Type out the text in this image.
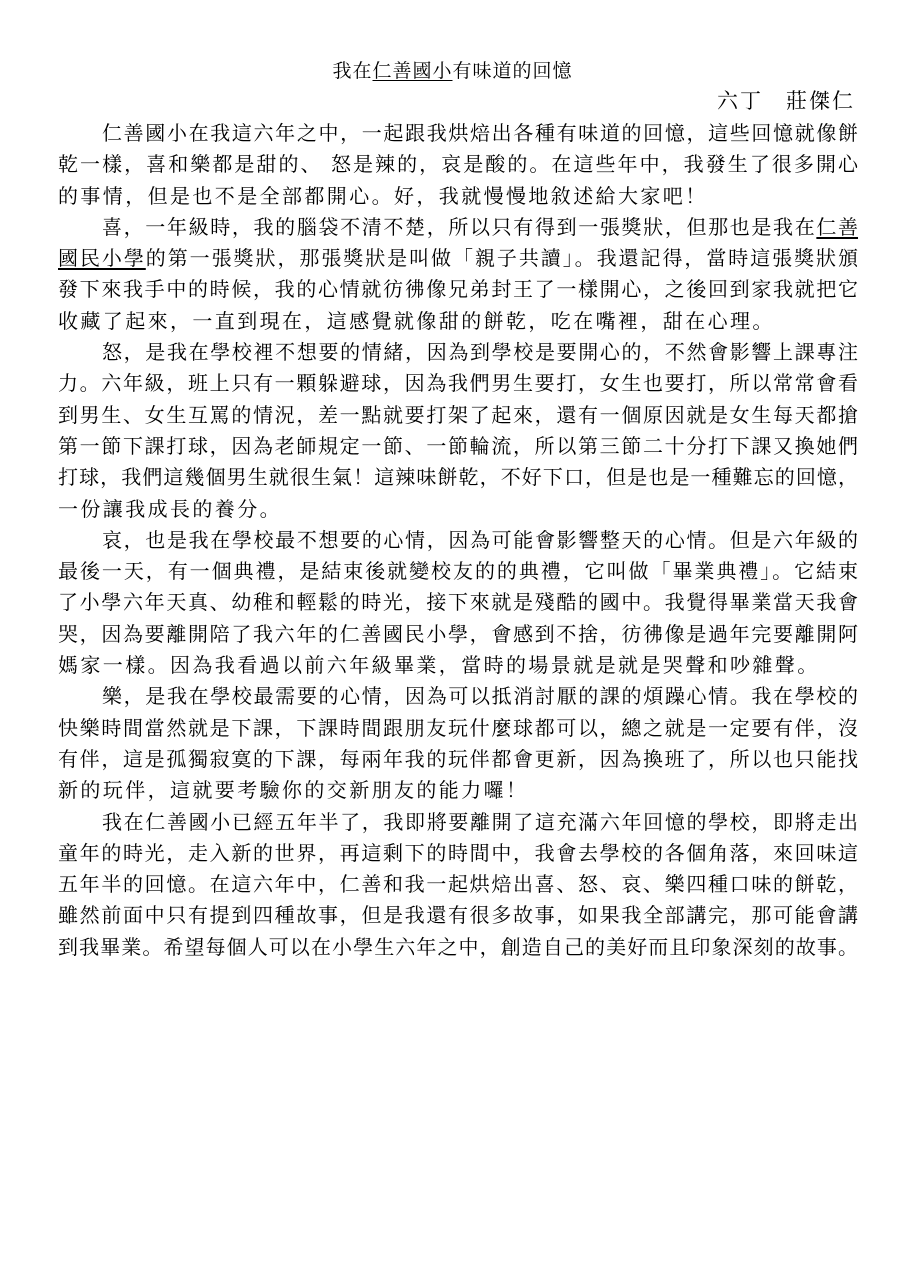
我在仁善國小有味道的回憶
六丁　莊傑仁
仁善國小在我這六年之中，一起跟我烘焙出各種有味道的回憶，這些回憶就像餅
乾一樣，喜和樂都是甜的、 怒是辣的，哀是酸的。在這些年中，我發生了很多開心
的事情，但是也不是全部都開心。好，我就慢慢地敘述給大家吧！
喜，一年級時，我的腦袋不清不楚，所以只有得到一張獎狀，但那也是我在仁善
國民小學的第一張獎狀，那張獎狀是叫做「親子共讀」。我還記得，當時這張獎狀頒
發下來我手中的時候，我的心情就彷彿像兄弟封王了一樣開心，之後回到家我就把它
收藏了起來，一直到現在，這感覺就像甜的餅乾，吃在嘴裡，甜在心理。
怒，是我在學校裡不想要的情緒，因為到學校是要開心的，不然會影響上課專注
力。六年級，班上只有一顆躲避球，因為我們男生要打，女生也要打，所以常常會看
到男生、女生互罵的情況，差一點就要打架了起來，還有一個原因就是女生每天都搶
第一節下課打球，因為老師規定一節、一節輪流，所以第三節二十分打下課又換她們
打球，我們這幾個男生就很生氣！這辣味餅乾，不好下口，但是也是一種難忘的回憶，
一份讓我成長的養分。
哀，也是我在學校最不想要的心情，因為可能會影響整天的心情。但是六年級的
最後一天，有一個典禮，是結束後就變校友的的典禮，它叫做「畢業典禮」。它結束
了小學六年天真、幼稚和輕鬆的時光，接下來就是殘酷的國中。我覺得畢業當天我會
哭，因為要離開陪了我六年的仁善國民小學，會感到不捨，彷彿像是過年完要離開阿
媽家一樣。因為我看過以前六年級畢業，當時的場景就是就是哭聲和吵雜聲。
樂，是我在學校最需要的心情，因為可以抵消討厭的課的煩躁心情。我在學校的
快樂時間當然就是下課，下課時間跟朋友玩什麼球都可以，總之就是一定要有伴，沒
有伴，這是孤獨寂寞的下課，每兩年我的玩伴都會更新，因為換班了，所以也只能找
新的玩伴，這就要考驗你的交新朋友的能力囉！
我在仁善國小已經五年半了，我即將要離開了這充滿六年回憶的學校，即將走出
童年的時光，走入新的世界，再這剩下的時間中，我會去學校的各個角落，來回味這
五年半的回憶。在這六年中，仁善和我一起烘焙出喜、怒、哀、樂四種口味的餅乾，
雖然前面中只有提到四種故事，但是我還有很多故事，如果我全部講完，那可能會講
到我畢業。希望每個人可以在小學生六年之中，創造自己的美好而且印象深刻的故事。
